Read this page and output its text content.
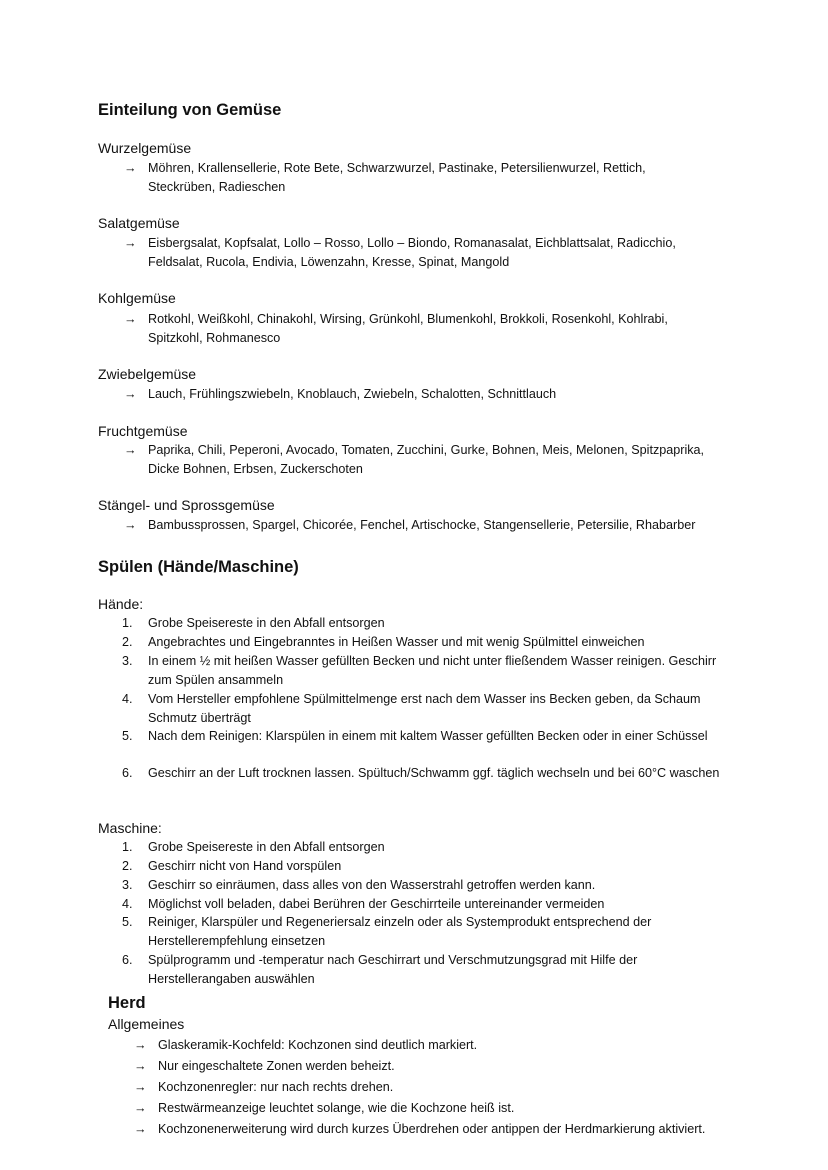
Einteilung von Gemüse
Spülen (Hände/Maschine)
Hände:
Maschine:
Herd
Allgemeines
Wurzelgemüse
→ Möhren, Krallensellerie, Rote Bete, Schwarzwurzel, Pastinake, Petersilienwurzel, Rettich, Steckrüben, Radieschen
Salatgemüse
→ Eisbergsalat, Kopfsalat, Lollo – Rosso, Lollo – Biondo, Romanasalat, Eichblattsalat, Radicchio, Feldsalat, Rucola, Endivia, Löwenzahn, Kresse, Spinat, Mangold
Kohlgemüse
→ Rotkohl, Weißkohl, Chinakohl, Wirsing, Grünkohl, Blumenkohl, Brokkoli, Rosenkohl, Kohlrabi, Spitzkohl, Rohmanesco
Zwiebelgemüse
→ Lauch, Frühlingszwiebeln, Knoblauch, Zwiebeln, Schalotten, Schnittlauch
Fruchtgemüse
→ Paprika, Chili, Peperoni, Avocado, Tomaten, Zucchini, Gurke, Bohnen, Meis, Melonen, Spitzpaprika, Dicke Bohnen, Erbsen, Zuckerschoten
Stängel- und Sprossgemüse
→ Bambussprossen, Spargel, Chicorée, Fenchel, Artischocke, Stangensellerie, Petersilie, Rhabarber
1.	Grobe Speisereste in den Abfall entsorgen
2.	Angebrachtes und Eingebranntes in Heißen Wasser und mit wenig Spülmittel einweichen
3.	In einem ½ mit heißen Wasser gefüllten Becken und nicht unter fließendem Wasser reinigen. Geschirr zum Spülen ansammeln
4.	Vom Hersteller empfohlene Spülmittelmenge erst nach dem Wasser ins Becken geben, da Schaum Schmutz überträgt
5.	Nach dem Reinigen: Klarspülen in einem mit kaltem Wasser gefüllten Becken oder in einer Schüssel
6.	Geschirr an der Luft trocknen lassen. Spültuch/Schwamm ggf. täglich wechseln und bei 60°C waschen
1.	Grobe Speisereste in den Abfall entsorgen
2.	Geschirr nicht von Hand vorspülen
3.	Geschirr so einräumen, dass alles von den Wasserstrahl getroffen werden kann.
4.	Möglichst voll beladen, dabei Berühren der Geschirrteile untereinander vermeiden
5.	Reiniger, Klarspüler und Regeneriersalz einzeln oder als Systemprodukt entsprechend der Herstellerempfehlung einsetzen
6.	Spülprogramm und -temperatur nach Geschirrart und Verschmutzungsgrad mit Hilfe der Herstellerangaben auswählen
→ Glaskeramik-Kochfeld: Kochzonen sind deutlich markiert.
→ Nur eingeschaltete Zonen werden beheizt.
→ Kochzonenregler: nur nach rechts drehen.
→ Restwärmeanzeige leuchtet solange, wie die Kochzone heiß ist.
→ Kochzonenerweiterung wird durch kurzes Überdrehen oder antippen der Herdmarkierung aktiviert.
